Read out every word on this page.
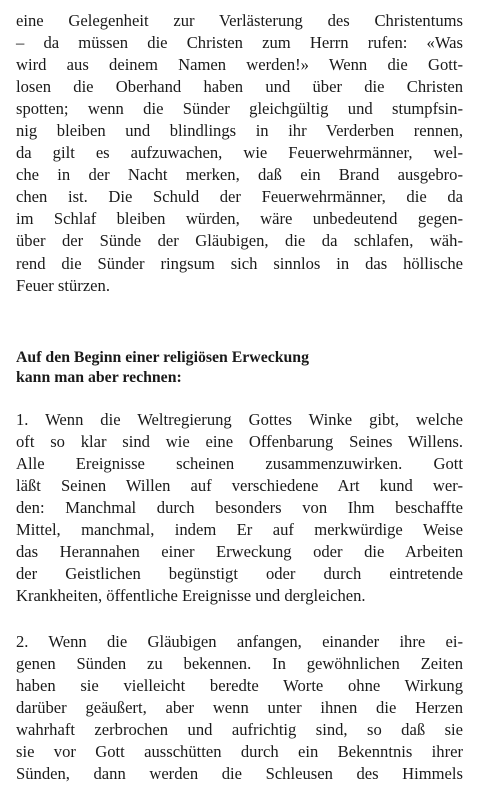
eine Gelegenheit zur Verlästerung des Christentums
– da müssen die Christen zum Herrn rufen: «Was
wird aus deinem Namen werden!» Wenn die Gott-
losen die Oberhand haben und über die Christen
spotten; wenn die Sünder gleichgültig und stumpfsin-
nig bleiben und blindlings in ihr Verderben rennen,
da gilt es aufzuwachen, wie Feuerwehrmänner, wel-
che in der Nacht merken, daß ein Brand ausgebro-
chen ist. Die Schuld der Feuerwehrmänner, die da
im Schlaf bleiben würden, wäre unbedeutend gegen-
über der Sünde der Gläubigen, die da schlafen, wäh-
rend die Sünder ringsum sich sinnlos in das höllische
Feuer stürzen.
Auf den Beginn einer religiösen Erweckung
kann man aber rechnen:
1. Wenn die Weltregierung Gottes Winke gibt, welche
oft so klar sind wie eine Offenbarung Seines Willens.
Alle Ereignisse scheinen zusammenzuwirken. Gott
läßt Seinen Willen auf verschiedene Art kund wer-
den: Manchmal durch besonders von Ihm beschaffte
Mittel, manchmal, indem Er auf merkwürdige Weise
das Herannahen einer Erweckung oder die Arbeiten
der Geistlichen begünstigt oder durch eintretende
Krankheiten, öffentliche Ereignisse und dergleichen.
2. Wenn die Gläubigen anfangen, einander ihre ei-
genen Sünden zu bekennen. In gewöhnlichen Zeiten
haben sie vielleicht beredte Worte ohne Wirkung
darüber geäußert, aber wenn unter ihnen die Herzen
wahrhaft zerbrochen und aufrichtig sind, so daß sie
sie vor Gott ausschütten durch ein Bekenntnis ihrer
Sünden, dann werden die Schleusen des Himmels
